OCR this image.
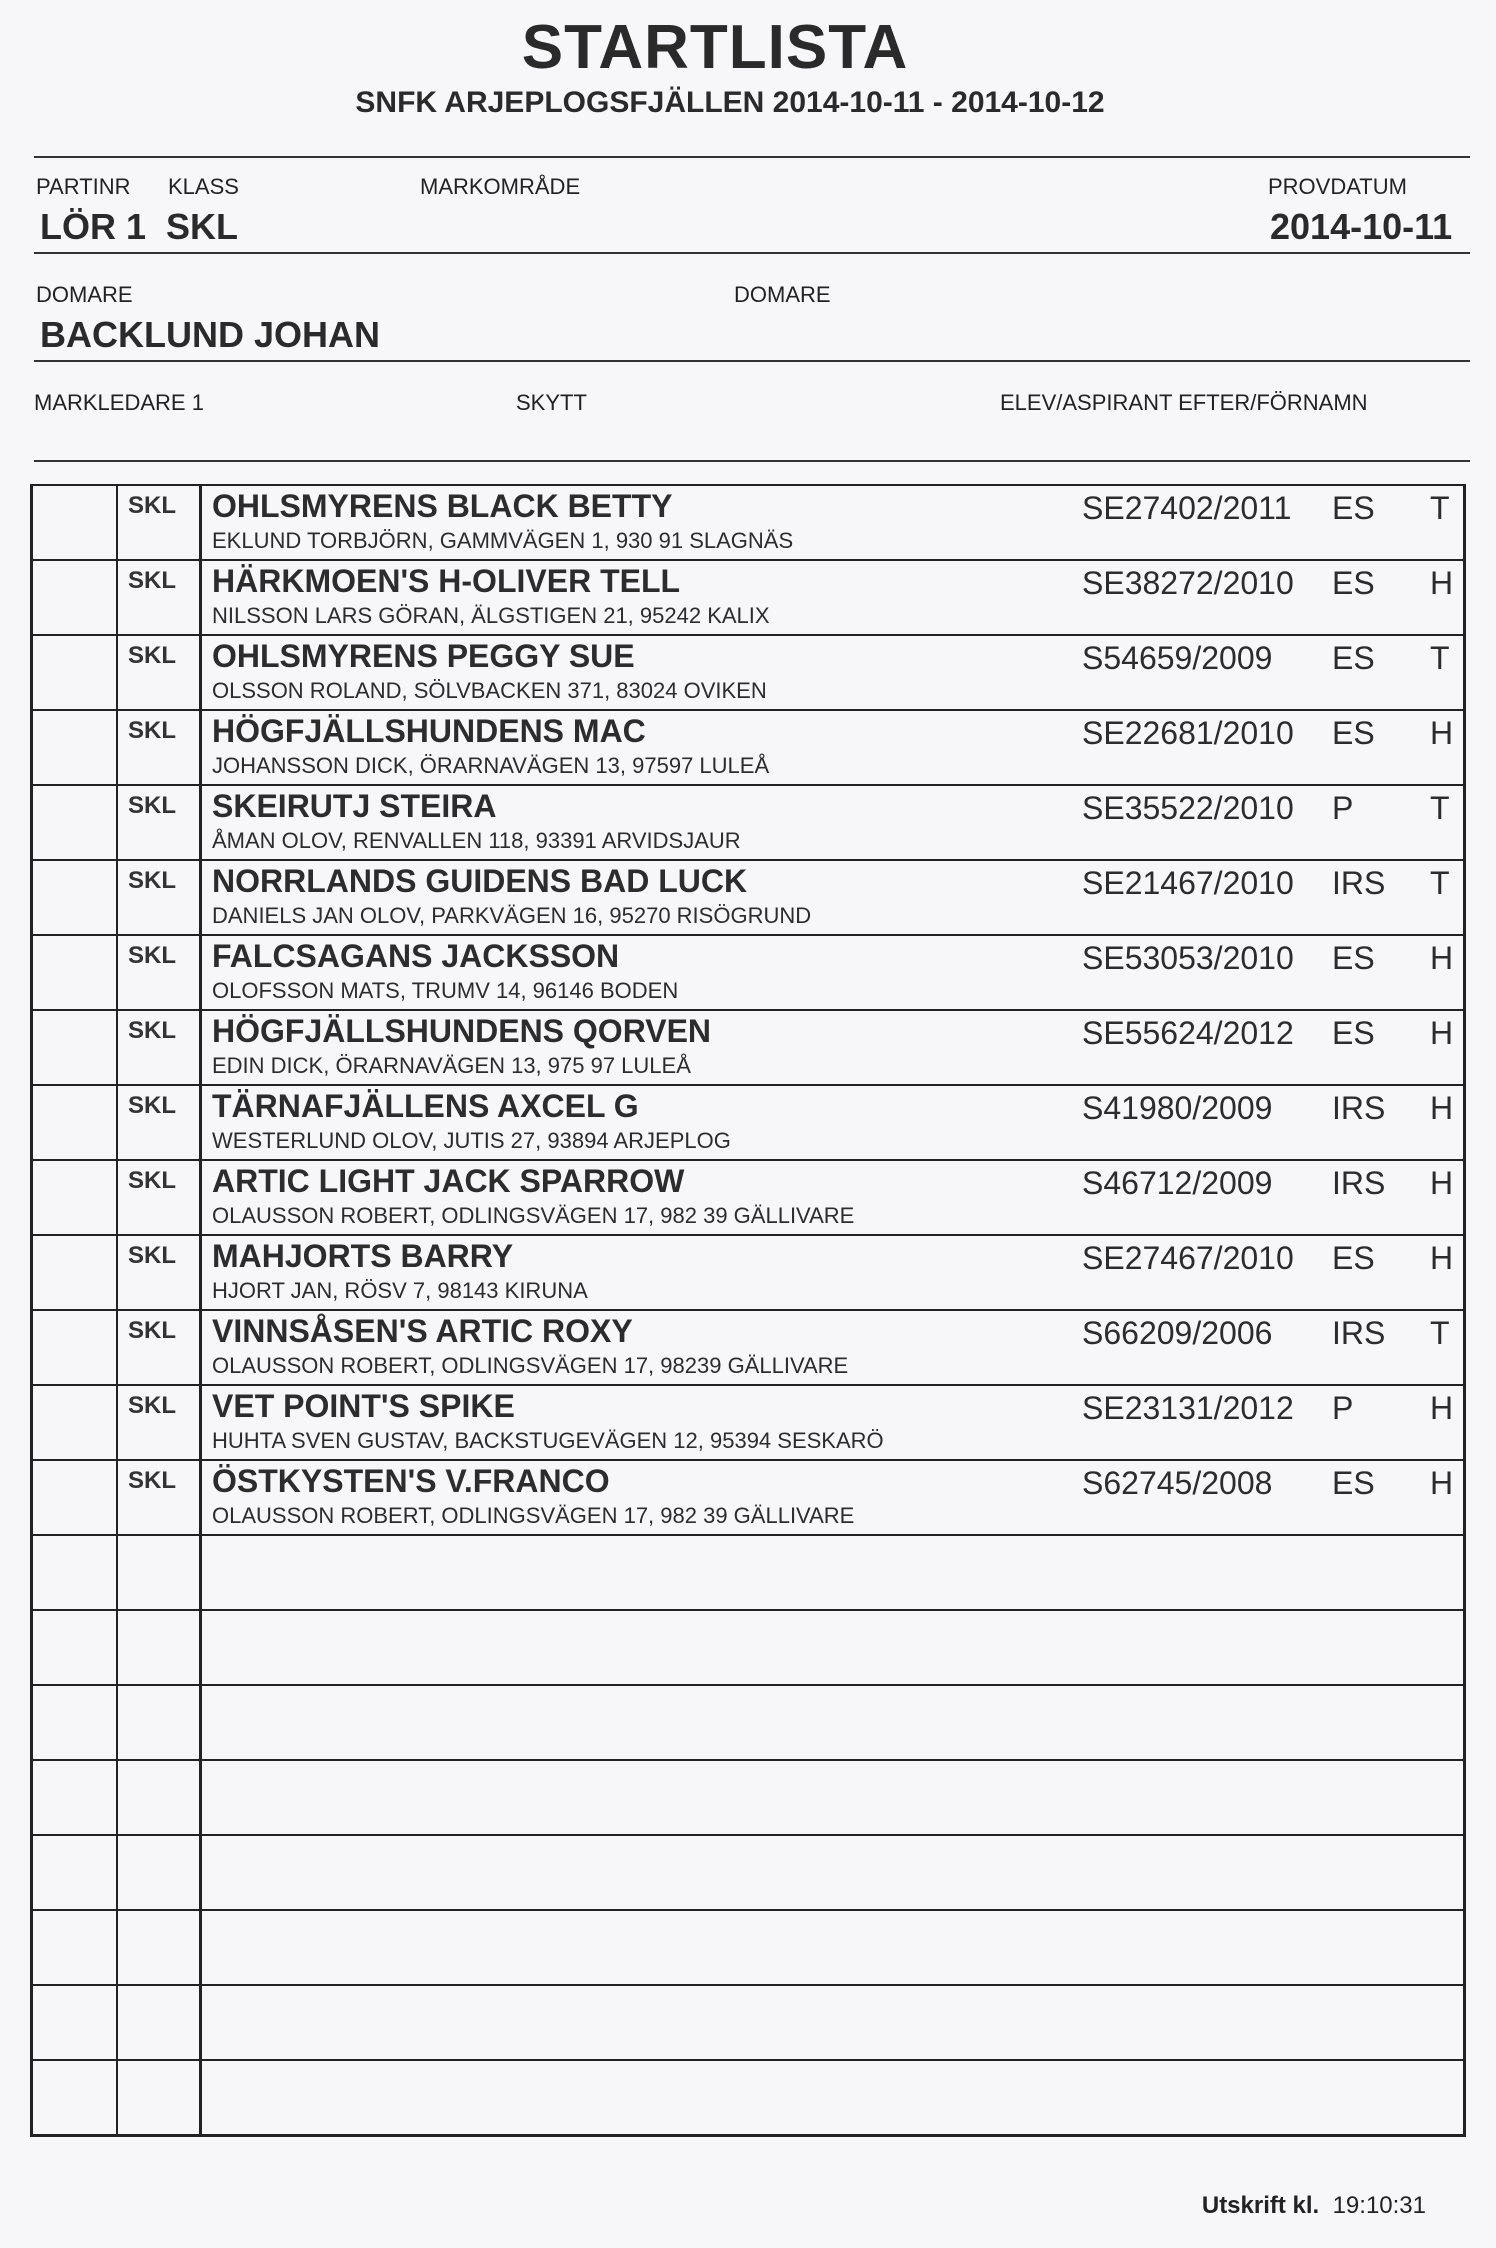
STARTLISTA
SNFK ARJEPLOGSFJÄLLEN 2014-10-11 - 2014-10-12
PARTINR KLASS	MARKOMRÅDE	PROVDATUM
LÖR 1  SKL	2014-10-11
DOMARE	DOMARE
BACKLUND JOHAN
MARKLEDARE 1	SKYTT	ELEV/ASPIRANT EFTER/FÖRNAMN
SKL OHLSMYRENS BLACK BETTY
EKLUND TORBJÖRN, GAMMVÄGEN 1, 930 91 SLAGNÄS
SE27402/2011 ES T
SKL HÄRKMOEN'S H-OLIVER TELL
NILSSON LARS GÖRAN, ÄLGSTIGEN 21, 95242 KALIX
SE38272/2010 ES H
SKL OHLSMYRENS PEGGY SUE
OLSSON ROLAND, SÖLVBACKEN 371, 83024 OVIKEN
S54659/2009 ES T
SKL HÖGFJÄLLSHUNDENS MAC
JOHANSSON DICK, ÖRARNAVÄGEN 13, 97597 LULEÅ
SE22681/2010 ES H
SKL SKEIRUTJ STEIRA
ÅMAN OLOV, RENVALLEN 118, 93391 ARVIDSJAUR
SE35522/2010 P T
SKL NORRLANDS GUIDENS BAD LUCK
DANIELS JAN OLOV, PARKVÄGEN 16, 95270 RISÖGRUND
SE21467/2010 IRS T
SKL FALCSAGANS JACKSSON
OLOFSSON MATS, TRUMV 14, 96146 BODEN
SE53053/2010 ES H
SKL HÖGFJÄLLSHUNDENS QORVEN
EDIN DICK, ÖRARNAVÄGEN 13, 975 97 LULEÅ
SE55624/2012 ES H
SKL TÄRNAFJÄLLENS AXCEL G
WESTERLUND OLOV, JUTIS 27, 93894 ARJEPLOG
S41980/2009 IRS H
SKL ARTIC LIGHT JACK SPARROW
OLAUSSON ROBERT, ODLINGSVÄGEN 17, 982 39 GÄLLIVARE
S46712/2009 IRS H
SKL MAHJORTS BARRY
HJORT JAN, RÖSV 7, 98143 KIRUNA
SE27467/2010 ES H
SKL VINNSÅSEN'S ARTIC ROXY
OLAUSSON ROBERT, ODLINGSVÄGEN 17, 98239 GÄLLIVARE
S66209/2006 IRS T
SKL VET POINT'S SPIKE
HUHTA SVEN GUSTAV, BACKSTUGEVÄGEN 12, 95394 SESKARÖ
SE23131/2012 P H
SKL ÖSTKYSTEN'S V.FRANCO
OLAUSSON ROBERT, ODLINGSVÄGEN 17, 982 39 GÄLLIVARE
S62745/2008 ES H
Utskrift kl. 19:10:31
